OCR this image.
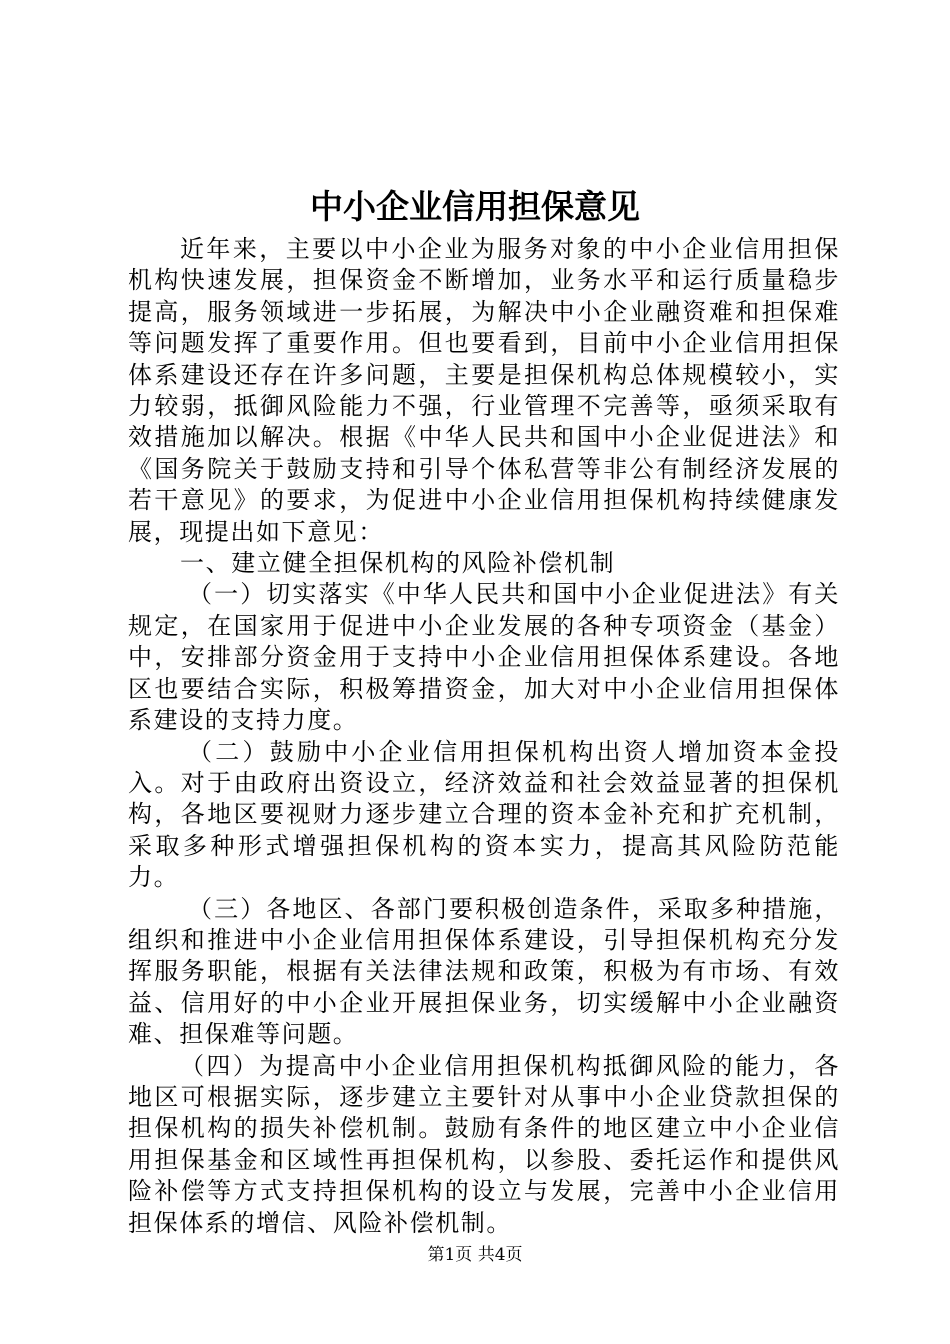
中小企业信用担保意见

近年来，主要以中小企业为服务对象的中小企业信用担保机构快速发展，担保资金不断增加，业务水平和运行质量稳步提高，服务领域进一步拓展，为解决中小企业融资难和担保难等问题发挥了重要作用。但也要看到，目前中小企业信用担保体系建设还存在许多问题，主要是担保机构总体规模较小，实力较弱，抵御风险能力不强，行业管理不完善等，亟须采取有效措施加以解决。根据《中华人民共和国中小企业促进法》和《国务院关于鼓励支持和引导个体私营等非公有制经济发展的若干意见》的要求，为促进中小企业信用担保机构持续健康发展，现提出如下意见：

一、建立健全担保机构的风险补偿机制

（一）切实落实《中华人民共和国中小企业促进法》有关规定，在国家用于促进中小企业发展的各种专项资金（基金）中，安排部分资金用于支持中小企业信用担保体系建设。各地区也要结合实际，积极筹措资金，加大对中小企业信用担保体系建设的支持力度。

（二）鼓励中小企业信用担保机构出资人增加资本金投入。对于由政府出资设立，经济效益和社会效益显著的担保机构，各地区要视财力逐步建立合理的资本金补充和扩充机制，采取多种形式增强担保机构的资本实力，提高其风险防范能力。

（三）各地区、各部门要积极创造条件，采取多种措施，组织和推进中小企业信用担保体系建设，引导担保机构充分发挥服务职能，根据有关法律法规和政策，积极为有市场、有效益、信用好的中小企业开展担保业务，切实缓解中小企业融资难、担保难等问题。

（四）为提高中小企业信用担保机构抵御风险的能力，各地区可根据实际，逐步建立主要针对从事中小企业贷款担保的担保机构的损失补偿机制。鼓励有条件的地区建立中小企业信用担保基金和区域性再担保机构，以参股、委托运作和提供风险补偿等方式支持担保机构的设立与发展，完善中小企业信用担保体系的增信、风险补偿机制。

第1页 共4页
